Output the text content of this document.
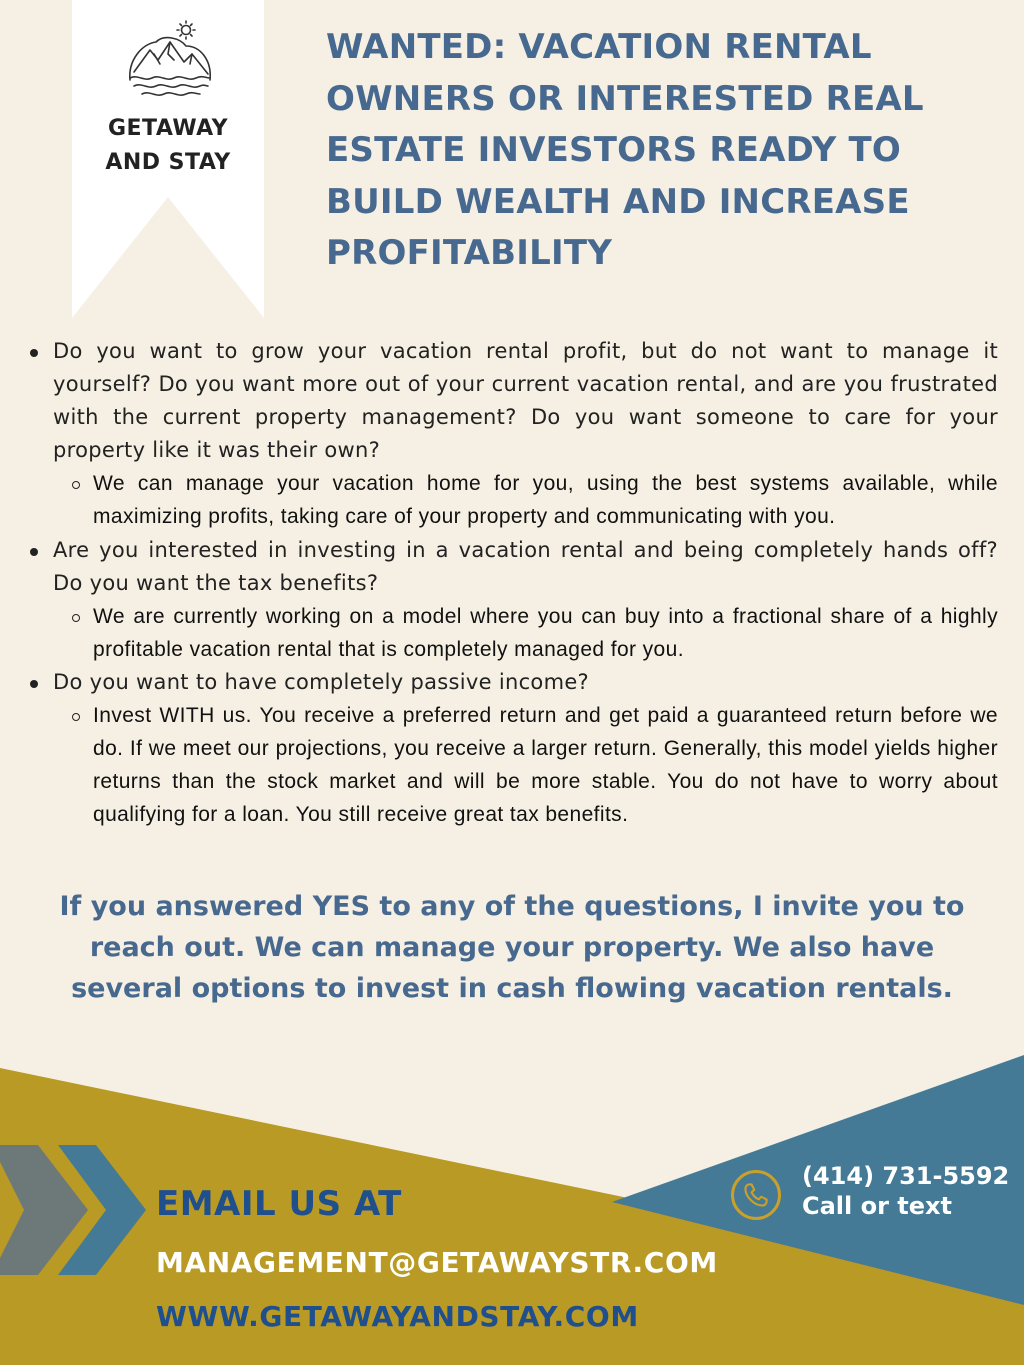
GETAWAY
AND STAY
WANTED: VACATION RENTAL OWNERS OR INTERESTED REAL ESTATE INVESTORS READY TO BUILD WEALTH AND INCREASE PROFITABILITY
Do you want to grow your vacation rental profit, but do not want to manage it yourself? Do you want more out of your current vacation rental, and are you frustrated with the current property management? Do you want someone to care for your property like it was their own?
We can manage your vacation home for you, using the best systems available, while maximizing profits, taking care of your property and communicating with you.
Are you interested in investing in a vacation rental and being completely hands off? Do you want the tax benefits?
We are currently working on a model where you can buy into a fractional share of a highly profitable vacation rental that is completely managed for you.
Do you want to have completely passive income?
Invest WITH us. You receive a preferred return and get paid a guaranteed return before we do. If we meet our projections, you receive a larger return. Generally, this model yields higher returns than the stock market and will be more stable. You do not have to worry about qualifying for a loan. You still receive great tax benefits.

If you answered YES to any of the questions, I invite you to reach out. We can manage your property. We also have several options to invest in cash flowing vacation rentals.

EMAIL US AT
MANAGEMENT@GETAWAYSTR.COM
WWW.GETAWAYANDSTAY.COM
(414) 731-5592
Call or text
